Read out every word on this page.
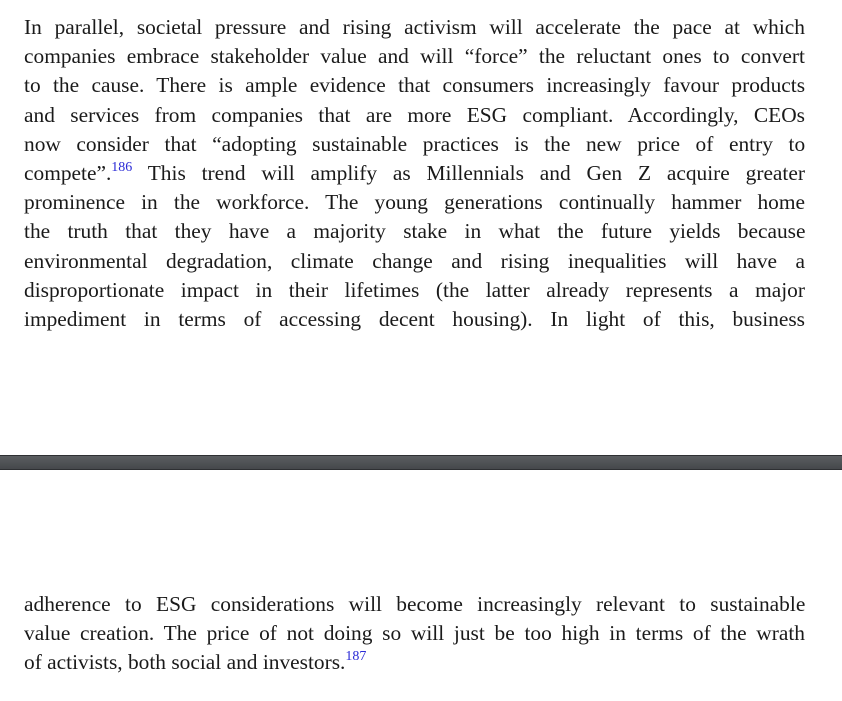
In parallel, societal pressure and rising activism will accelerate the pace at which
companies embrace stakeholder value and will “force” the reluctant ones to convert
to the cause. There is ample evidence that consumers increasingly favour products
and services from companies that are more ESG compliant. Accordingly, CEOs
now consider that “adopting sustainable practices is the new price of entry to
compete”.$^{186}$ This trend will amplify as Millennials and Gen Z acquire greater
prominence in the workforce. The young generations continually hammer home
the truth that they have a majority stake in what the future yields because
environmental degradation, climate change and rising inequalities will have a
disproportionate impact in their lifetimes (the latter already represents a major
impediment in terms of accessing decent housing). In light of this, business
adherence to ESG considerations will become increasingly relevant to sustainable
value creation. The price of not doing so will just be too high in terms of the wrath
of activists, both social and investors.$^{187}$
